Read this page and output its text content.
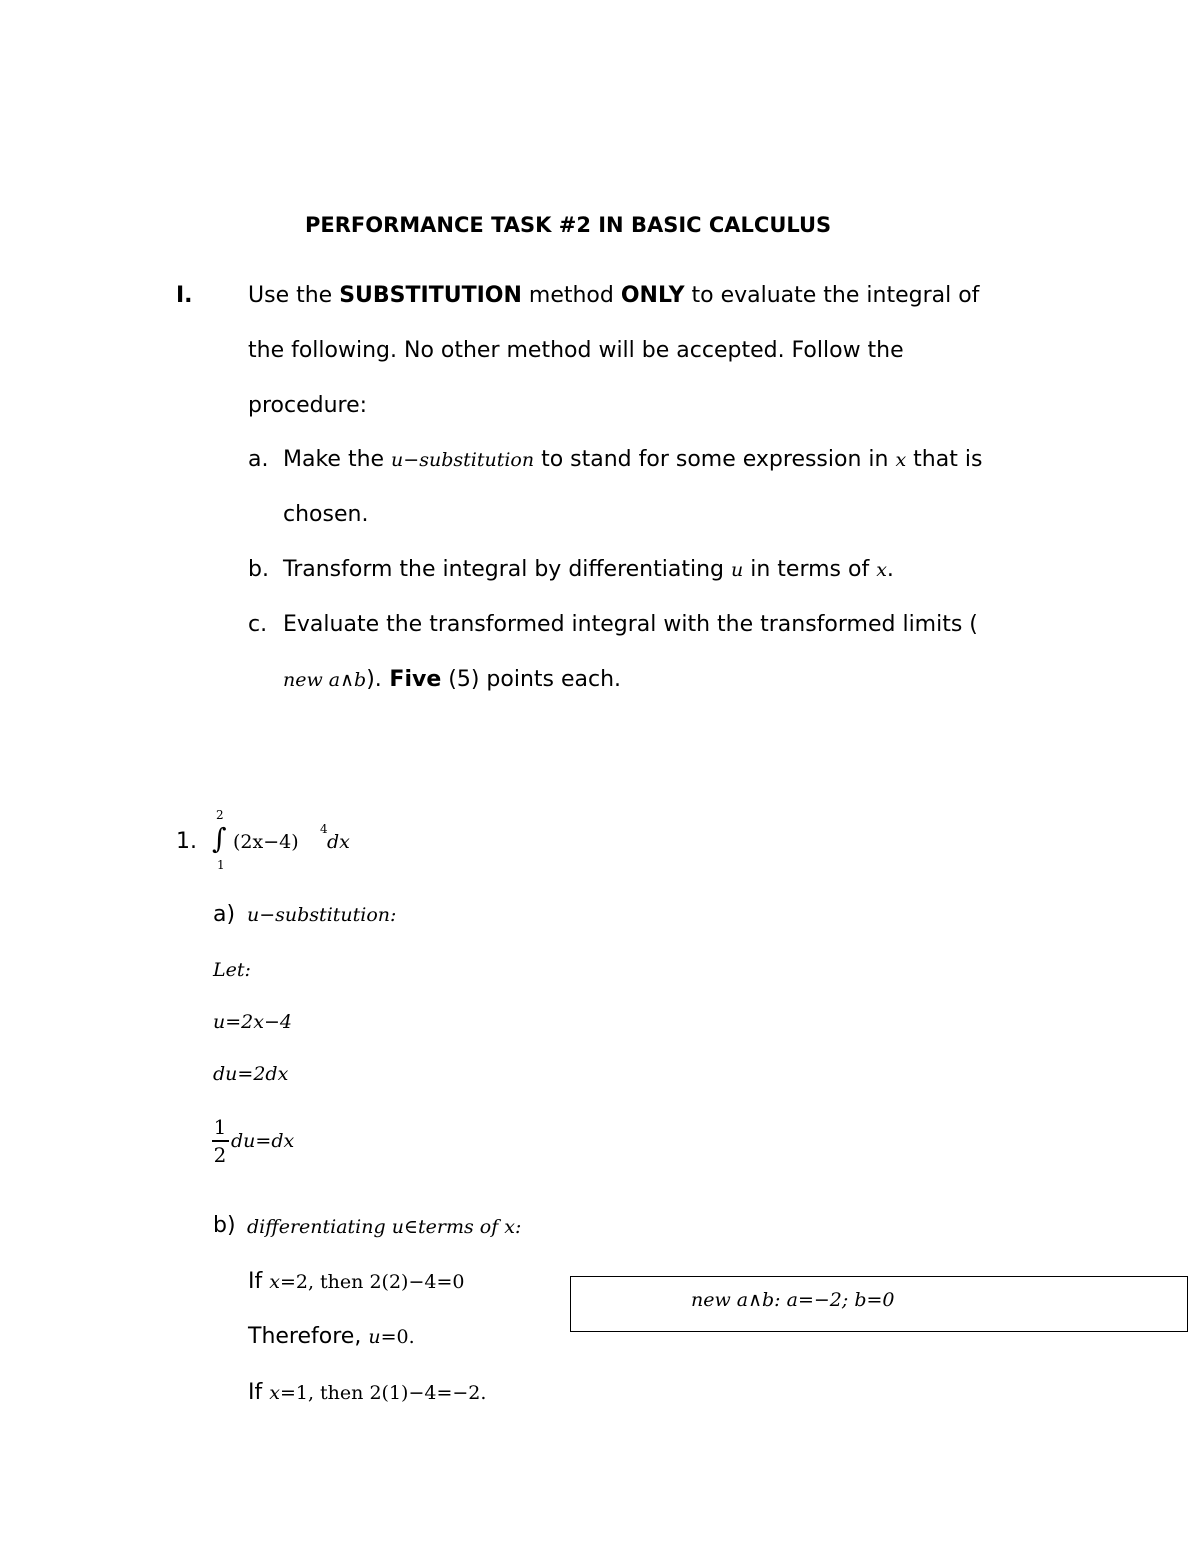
PERFORMANCE TASK #2 IN BASIC CALCULUS
I.	Use the SUBSTITUTION method ONLY to evaluate the integral of
the following. No other method will be accepted. Follow the
procedure:
a. Make the u−substitution to stand for some expression in x that is
chosen.
b. Transform the integral by differentiating u in terms of x.
c. Evaluate the transformed integral with the transformed limits (
new a∧b). Five (5) points each.
1.
2
∫
1
(2x−4)
4
dx
a) u−substitution:
Let:
u=2x−4
du=2dx
1
2
du=dx
b) differentiating u∈terms of x:
If x=2, then 2(2)−4=0
Therefore, u=0.
If x=1, then 2(1)−4=−2.
new a∧b: a=−2; b=0
